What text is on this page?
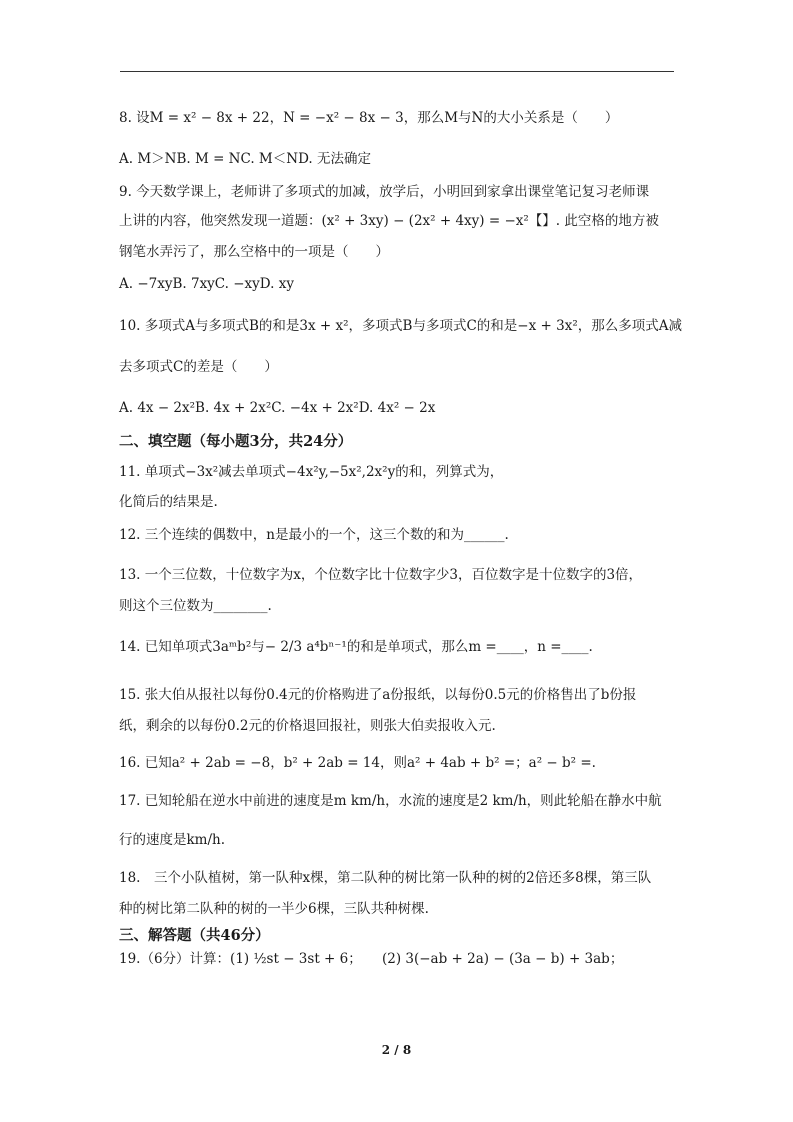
8. 设M = x² − 8x + 22，N = −x² − 8x − 3，那么M与N的大小关系是（　　）
A. M＞NB. M = NC. M＜ND. 无法确定
9. 今天数学课上，老师讲了多项式的加减，放学后，小明回到家拿出课堂笔记复习老师课
上讲的内容，他突然发现一道题：(x² + 3xy) − (2x² + 4xy) = −x²【】. 此空格的地方被
钢笔水弄污了，那么空格中的一项是（　　）
A. −7xyB. 7xyC. −xyD. xy
10. 多项式A与多项式B的和是3x + x²，多项式B与多项式C的和是−x + 3x²，那么多项式A减
去多项式C的差是（　　）
A. 4x − 2x²B. 4x + 2x²C. −4x + 2x²D. 4x² − 2x
二、填空题（每小题3分，共24分）
11. 单项式−3x²减去单项式−4x²y,−5x²,2x²y的和，列算式为，
化简后的结果是.
12. 三个连续的偶数中，n是最小的一个，这三个数的和为______.
13. 一个三位数，十位数字为x，个位数字比十位数字少3，百位数字是十位数字的3倍，
则这个三位数为________.
14. 已知单项式3aᵐb²与− 2/3 a⁴bⁿ⁻¹的和是单项式，那么m =____，n =____.
15. 张大伯从报社以每份0.4元的价格购进了a份报纸，以每份0.5元的价格售出了b份报
纸，剩余的以每份0.2元的价格退回报社，则张大伯卖报收入元.
16. 已知a² + 2ab = −8，b² + 2ab = 14，则a² + 4ab + b² =；a² − b² =.
17. 已知轮船在逆水中前进的速度是m km/h，水流的速度是2 km/h，则此轮船在静水中航
行的速度是km/h.
18.　三个小队植树，第一队种x棵，第二队种的树比第一队种的树的2倍还多8棵，第三队
种的树比第二队种的树的一半少6棵，三队共种树棵.
三、解答题（共46分）
19.（6分）计算：(1) ½st − 3st + 6；　　(2) 3(−ab + 2a) − (3a − b) + 3ab；
2 / 8
